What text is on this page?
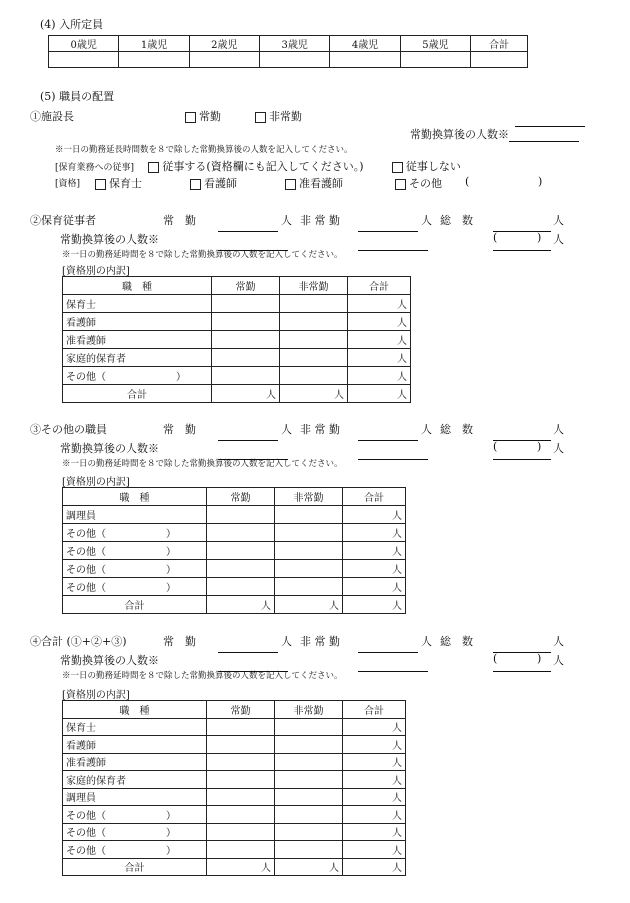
(4) 入所定員
0歳児	1歳児	2歳児	3歳児	4歳児	5歳児	合計

(5) 職員の配置
①施設長	常勤	非常勤
常勤換算後の人数※
※一日の勤務延長時間数を８で除した常勤換算後の人数を記入してください。
[保育業務への従事]	従事する(資格欄にも記入してください。)	従事しない
[資格]	保育士	看護師	准看護師	その他 (	)
②保育従事者	常　勤	人 非 常 勤	人 総　数	人
常勤換算後の人数※	(	) 人
※一日の勤務延時間を８で除した常勤換算後の人数を記入してください。
[資格別の内訳]
職　種	常勤	非常勤	合計
保育士			人
看護師			人
准看護師			人
家庭的保育者			人
その他（　　　　　　　）			人
合計	人	人	人
③その他の職員	常　勤	人 非 常 勤	人 総　数	人
常勤換算後の人数※	(	) 人
※一日の勤務延時間を８で除した常勤換算後の人数を記入してください。
[資格別の内訳]
職　種	常勤	非常勤	合計
調理員			人
その他（　　　　　　）			人
その他（　　　　　　）			人
その他（　　　　　　）			人
その他（　　　　　　）			人
合計	人	人	人
④合計 (①+②+③)	常　勤	人 非 常 勤	人 総　数	人
常勤換算後の人数※	(	) 人
※一日の勤務延時間を８で除した常勤換算後の人数を記入してください。
[資格別の内訳]
職　種	常勤	非常勤	合計
保育士			人
看護師			人
准看護師			人
家庭的保育者			人
調理員			人
その他（　　　　　　）			人
その他（　　　　　　）			人
その他（　　　　　　）			人
合計	人	人	人
